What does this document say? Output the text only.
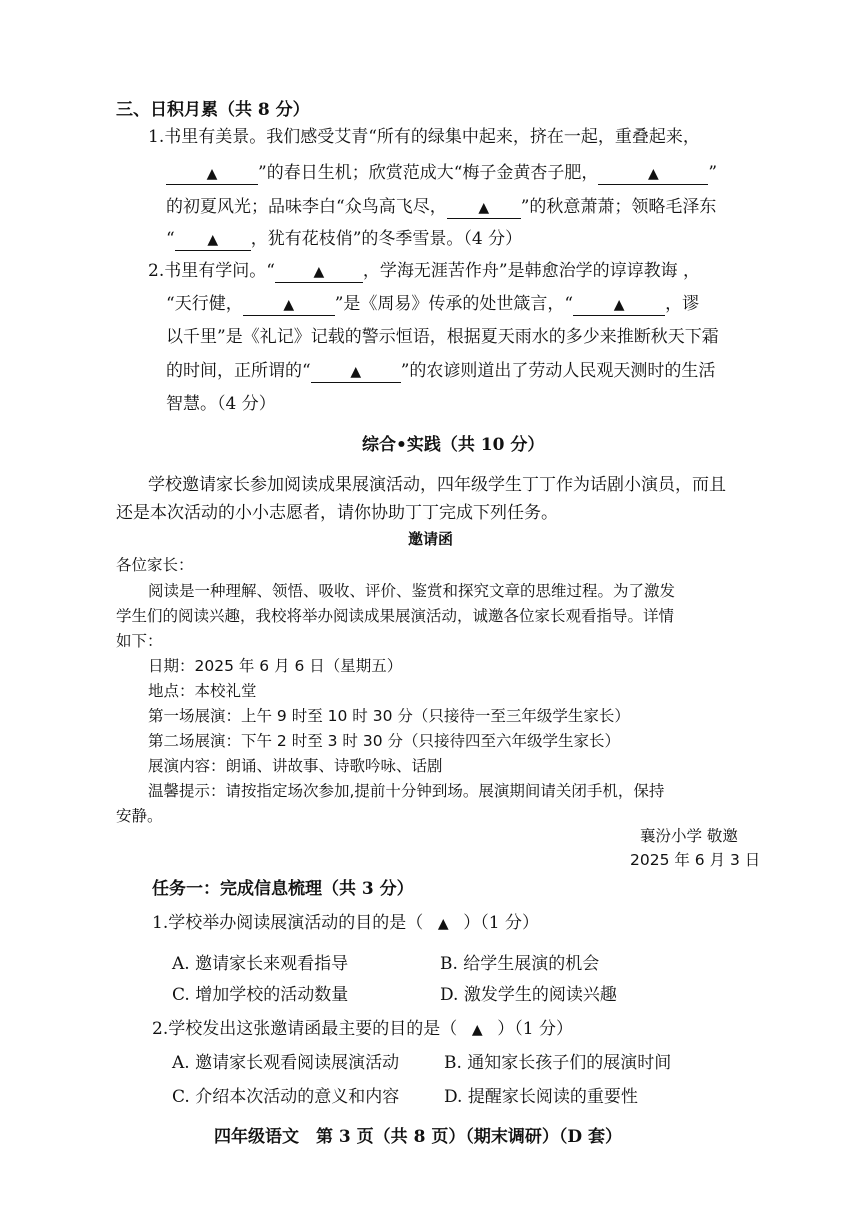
三、日积月累（共 8 分）
1.书里有美景。我们感受艾青“所有的绿集中起来，挤在一起，重叠起来，
▲ ”的春日生机；欣赏范成大“梅子金黄杏子肥，	▲	”
的初夏风光；品味李白“众鸟高飞尽， ▲ ”的秋意萧萧；领略毛泽东
“ ▲ ，犹有花枝俏”的冬季雪景。（4 分）
2.书里有学问。“	▲ ，学海无涯苦作舟”是韩愈治学的谆谆教诲 ，
“天行健，	▲ ”是《周易》传承的处世箴言，“	▲ ，谬
以千里”是《礼记》记载的警示恒语，根据夏天雨水的多少来推断秋天下霜
的时间，正所谓的“	▲ ”的农谚则道出了劳动人民观天测时的生活
智慧。（4 分）
综合•实践（共 10 分）
学校邀请家长参加阅读成果展演活动，四年级学生丁丁作为话剧小演员，而且
还是本次活动的小小志愿者，请你协助丁丁完成下列任务。
邀请函
各位家长：
阅读是一种理解、领悟、吸收、评价、鉴赏和探究文章的思维过程。为了激发
学生们的阅读兴趣，我校将举办阅读成果展演活动，诚邀各位家长观看指导。详情
如下：
日期：2025 年 6 月 6 日（星期五）
地点：本校礼堂
第一场展演：上午 9 时至 10 时 30 分（只接待一至三年级学生家长）
第二场展演：下午 2 时至 3 时 30 分（只接待四至六年级学生家长）
展演内容：朗诵、讲故事、诗歌吟咏、话剧
温馨提示：请按指定场次参加,提前十分钟到场。展演期间请关闭手机，保持
安静。
襄汾小学 敬邀
2025 年 6 月 3 日
任务一：完成信息梳理（共 3 分）
1.学校举办阅读展演活动的目的是（ ▲ ）（1 分）
A. 邀请家长来观看指导	B. 给学生展演的机会
C. 增加学校的活动数量	D. 激发学生的阅读兴趣
2.学校发出这张邀请函最主要的目的是（ ▲ ）（1 分）
A. 邀请家长观看阅读展演活动	B. 通知家长孩子们的展演时间
C. 介绍本次活动的意义和内容	D. 提醒家长阅读的重要性
四年级语文　第 3 页（共 8 页）（期末调研）（D 套）
